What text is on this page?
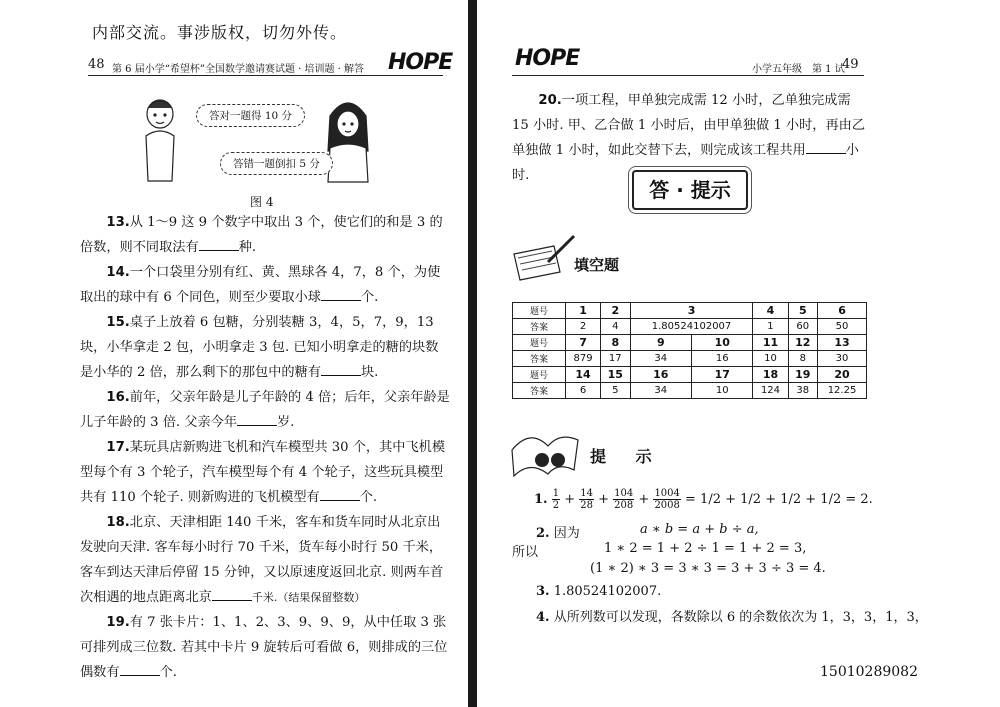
内部交流。事涉版权，切勿外传。
48 第 6 届小学“希望杯”全国数学邀请赛试题 · 培训题 · 解答 HOPE
答对一题得 10 分
答错一题倒扣 5 分
图 4
13.从 1～9 这 9 个数字中取出 3 个，使它们的和是 3 的倍数，则不同取法有	种.
14.一个口袋里分别有红、黄、黑球各 4，7，8 个，为使取出的球中有 6 个同色，则至少要取小球	个.
15.桌子上放着 6 包糖，分别装糖 3，4，5，7，9，13 块，小华拿走 2 包，小明拿走 3 包. 已知小明拿走的糖的块数是小华的 2 倍，那么剩下的那包中的糖有	块.
16.前年，父亲年龄是儿子年龄的 4 倍；后年，父亲年龄是儿子年龄的 3 倍. 父亲今年	岁.
17.某玩具店新购进飞机和汽车模型共 30 个，其中飞机模型每个有 3 个轮子，汽车模型每个有 4 个轮子，这些玩具模型共有 110 个轮子. 则新购进的飞机模型有	个.
18.北京、天津相距 140 千米，客车和货车同时从北京出发驶向天津. 客车每小时行 70 千米，货车每小时行 50 千米，客车到达天津后停留 15 分钟，又以原速度返回北京. 则两车首次相遇的地点距离北京	千米.（结果保留整数）
19.有 7 张卡片：1、1、2、3、9、9、9，从中任取 3 张可排列成三位数. 若其中卡片 9 旋转后可看做 6，则排成的三位偶数有	个.
HOPE	小学五年级　第 1 试
49
20.一项工程，甲单独完成需 12 小时，乙单独完成需 15 小时. 甲、乙合做 1 小时后，由甲单独做 1 小时，再由乙单独做 1 小时，如此交替下去，则完成该工程共用	小时.
答 · 提示
填空题
题号	1	2	3		4	5	6
答案	2	4	1.80524102007		1	60	50
题号	7	8	9	10	11	12	13
答案	879	17	34	16	10	8	30
题号	14	15	16	17	18	19	20
答案	6	5	34	10	124	38	12.25
提 示
1. $\frac{1}{2} + \frac{14}{28} + \frac{104}{208} + \frac{1004}{2008} = 1/2 + 1/2 + 1/2 + 1/2 = 2$.
2. 因为	a ∗ b = a + b ÷ a,
所以	1 ∗ 2 = 1 + 2 ÷ 1 = 1 + 2 = 3,
(1 ∗ 2) ∗ 3 = 3 ∗ 3 = 3 + 3 ÷ 3 = 4.
3. 1.80524102007.
4. 从所列数可以发现，各数除以 6 的余数依次为 1，3，3，1，3，
15010289082
